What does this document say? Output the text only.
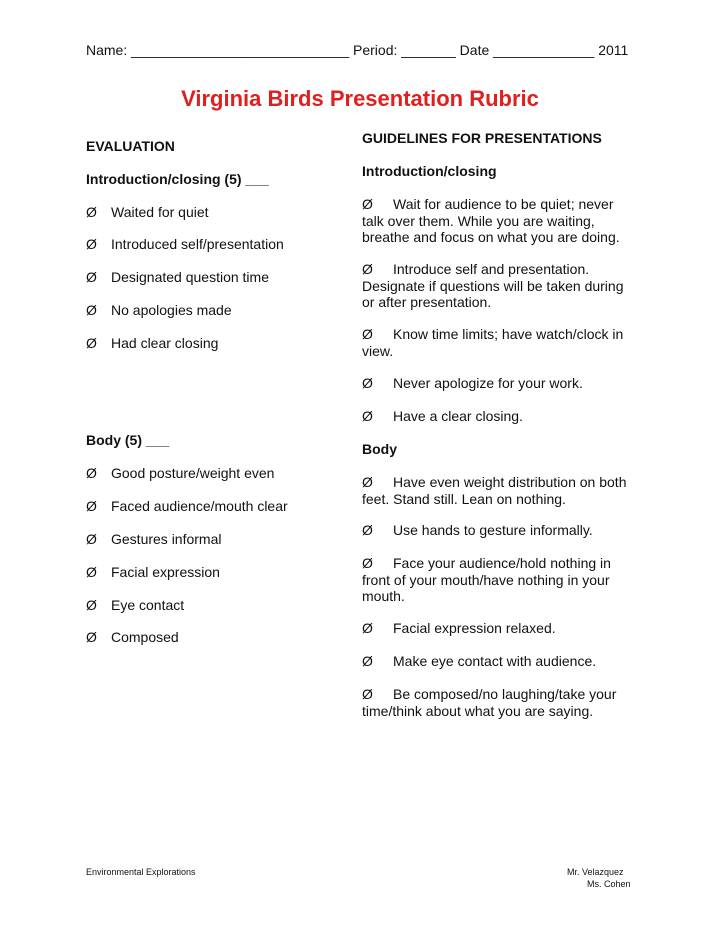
Name: ____________________________ Period: _______ Date _____________ 2011
Virginia Birds Presentation Rubric
EVALUATION
Introduction/closing (5) ___
Ø Waited for quiet
Ø Introduced self/presentation
Ø Designated question time
Ø No apologies made
Ø Had clear closing
Body (5) ___
Ø Good posture/weight even
Ø Faced audience/mouth clear
Ø Gestures informal
Ø Facial expression
Ø Eye contact
Ø Composed
GUIDELINES FOR PRESENTATIONS
Introduction/closing
Ø Wait for audience to be quiet; never talk over them. While you are waiting, breathe and focus on what you are doing.
Ø Introduce self and presentation. Designate if questions will be taken during or after presentation.
Ø Know time limits; have watch/clock in view.
Ø Never apologize for your work.
Ø Have a clear closing.
Body
Ø Have even weight distribution on both feet. Stand still. Lean on nothing.
Ø Use hands to gesture informally.
Ø Face your audience/hold nothing in front of your mouth/have nothing in your mouth.
Ø Facial expression relaxed.
Ø Make eye contact with audience.
Ø Be composed/no laughing/take your time/think about what you are saying.
Environmental Explorations	Mr. Velazquez
Ms. Cohen
